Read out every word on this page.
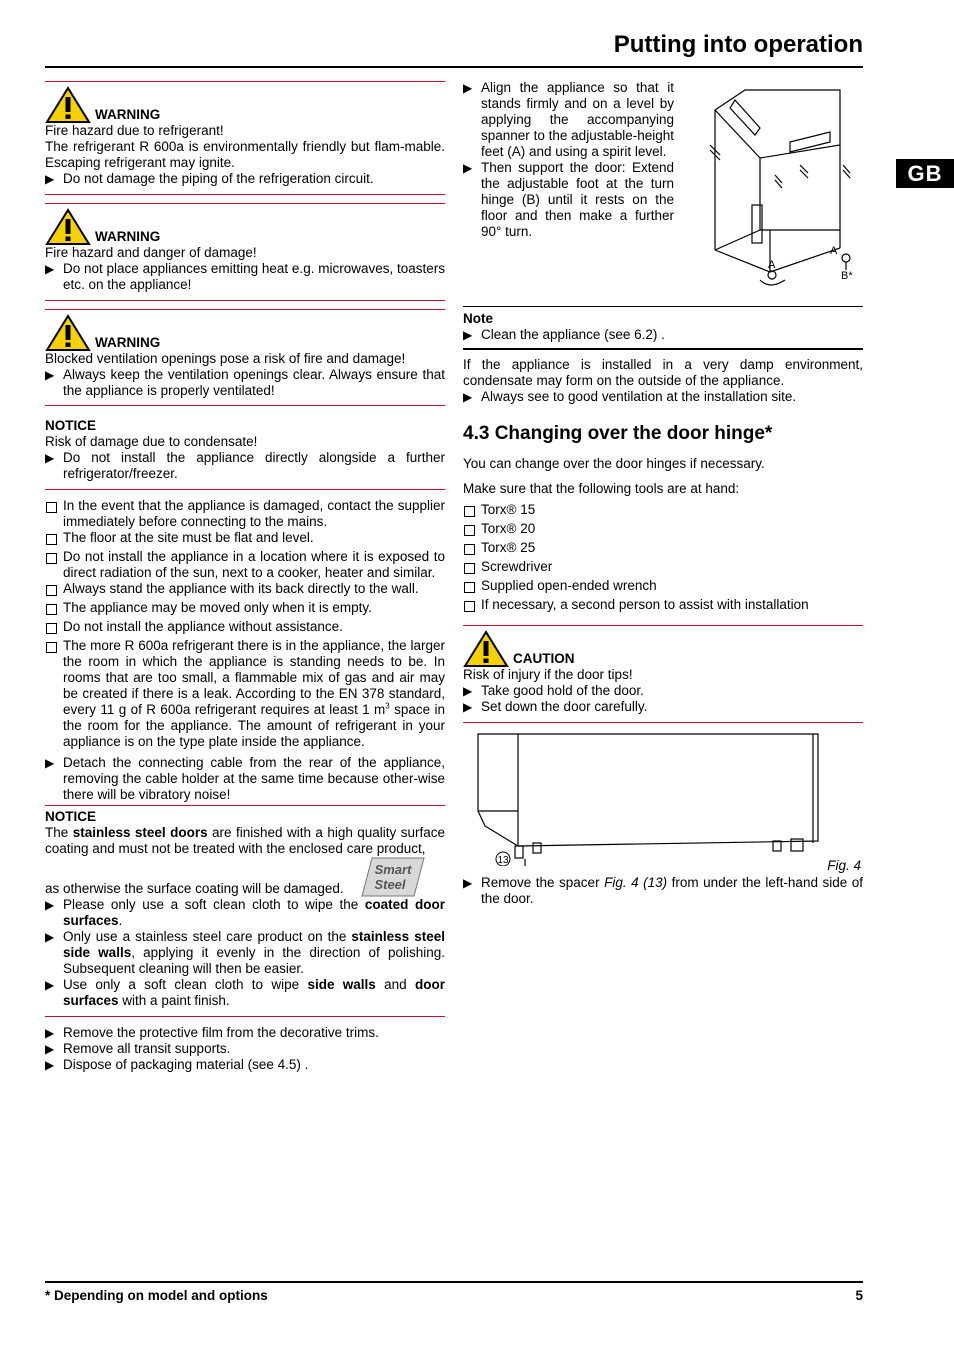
Putting into operation
GB
WARNING

Fire hazard due to refrigerant!

The refrigerant R 600a is environmentally friendly but flam-mable. Escaping refrigerant may ignite.

▶ Do not damage the piping of the refrigeration circuit.
WARNING

Fire hazard and danger of damage!

▶ Do not place appliances emitting heat e.g. microwaves, toasters etc. on the appliance!
WARNING

Blocked ventilation openings pose a risk of fire and damage!

▶ Always keep the ventilation openings clear. Always ensure that the appliance is properly ventilated!

NOTICE

Risk of damage due to condensate!

▶ Do not install the appliance directly alongside a further refrigerator/freezer.
In the event that the appliance is damaged, contact the supplier immediately before connecting to the mains.
The floor at the site must be flat and level.
Do not install the appliance in a location where it is exposed to direct radiation of the sun, next to a cooker, heater and similar.
Always stand the appliance with its back directly to the wall.
The appliance may be moved only when it is empty.
Do not install the appliance without assistance.
The more R 600a refrigerant there is in the appliance, the larger the room in which the appliance is standing needs to be. In rooms that are too small, a flammable mix of gas and air may be created if there is a leak. According to the EN 378 standard, every 11 g of R 600a refrigerant requires at least 1 $m^3$ space in the room for the appliance. The amount of refrigerant in your appliance is on the type plate inside the appliance.
▶ Detach the connecting cable from the rear of the appliance, removing the cable holder at the same time because other-wise there will be vibratory noise!

NOTICE

The stainless steel doors are finished with a high quality surface coating and must not be treated with the enclosed care product,

as otherwise the surface coating will be damaged.

Smart
Steel
▶ Please only use a soft clean cloth to wipe the coated door surfaces.
▶ Only use a stainless steel care product on the stainless steel side walls, applying it evenly in the direction of polishing. Subsequent cleaning will then be easier.
▶ Use only a soft clean cloth to wipe side walls and door surfaces with a paint finish.
▶ Remove the protective film from the decorative trims.
▶ Remove all transit supports.
▶ Dispose of packaging material (see 4.5) .
▶ Align the appliance so that it stands firmly and on a level by applying the accompanying spanner to the adjustable-height feet (A) and using a spirit level.
▶ Then support the door: Extend the adjustable foot at the turn hinge (B) until it rests on the floor and then make a further 90° turn.
A
A
B*

Note

▶ Clean the appliance (see 6.2) .

If the appliance is installed in a very damp environment, condensate may form on the outside of the appliance.

▶ Always see to good ventilation at the installation site.

4.3 Changing over the door hinge*

You can change over the door hinges if necessary.

Make sure that the following tools are at hand:

Torx® 15
Torx® 20
Torx® 25
Screwdriver
Supplied open-ended wrench
If necessary, a second person to assist with installation
CAUTION

Risk of injury if the door tips!

▶ Take good hold of the door.
▶ Set down the door carefully.
13	Fig. 4
▶ Remove the spacer Fig. 4 (13) from under the left-hand side of the door.
* Depending on model and options	5
